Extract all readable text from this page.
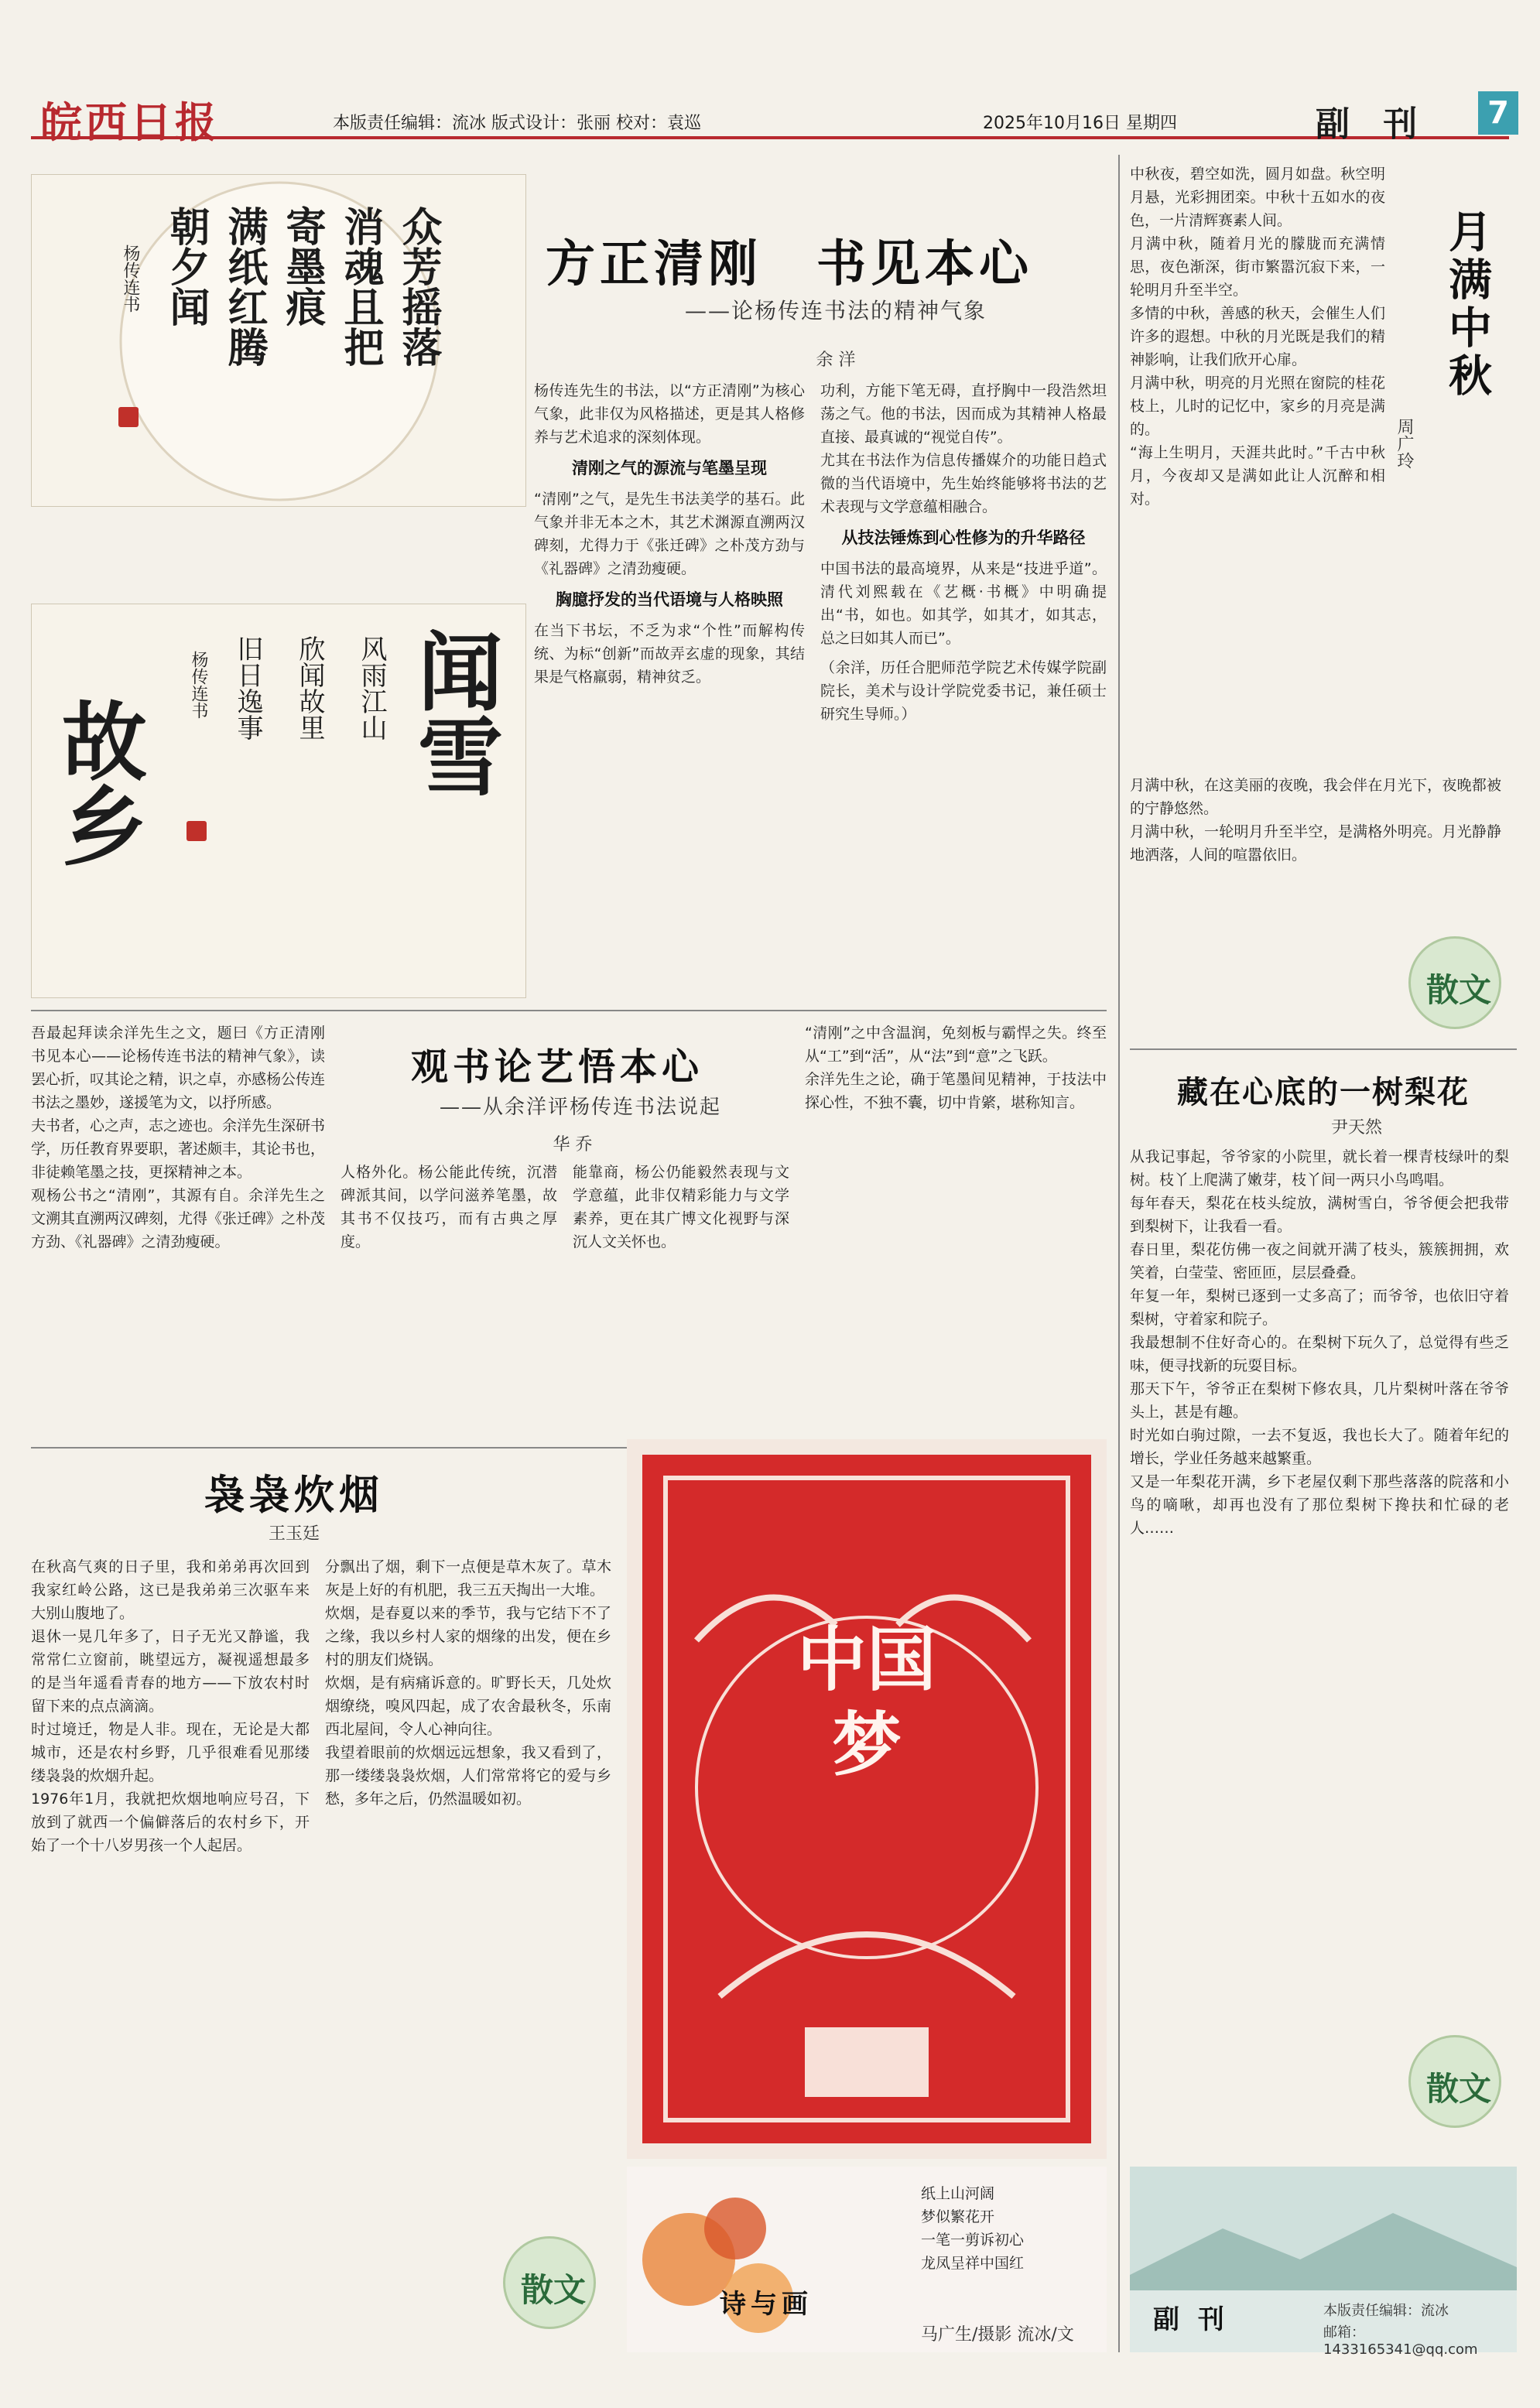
皖西日报	本版责任编辑：流冰 版式设计：张丽 校对：袁巡	2025年10月16日 星期四	副 刊	7
众芳摇落
消魂且把
寄墨痕
满纸红腾
朝夕闻
杨传连书
闻雪
故乡
风雨江山
欣闻故里
旧日逸事
杨传连书
方正清刚　书见本心
——论杨传连书法的精神气象
余 洋

杨传连先生的书法，以“方正清刚”为核心气象，此非仅为风格描述，更是其人格修养与艺术追求的深刻体现。

清刚之气的源流与笔墨呈现

“清刚”之气，是先生书法美学的基石。此气象并非无本之木，其艺术渊源直溯两汉碑刻，尤得力于《张迁碑》之朴茂方劲与《礼器碑》之清劲瘦硬。

胸臆抒发的当代语境与人格映照

在当下书坛，不乏为求“个性”而解构传统、为标“创新”而故弄玄虚的现象，其结果是气格羸弱，精神贫乏。

功利，方能下笔无碍，直抒胸中一段浩然坦荡之气。他的书法，因而成为其精神人格最直接、最真诚的“视觉自传”。

尤其在书法作为信息传播媒介的功能日趋式微的当代语境中，先生始终能够将书法的艺术表现与文学意蕴相融合。

从技法锤炼到心性修为的升华路径

中国书法的最高境界，从来是“技进乎道”。清代刘熙载在《艺概·书概》中明确提出“书，如也。如其学，如其才，如其志，总之曰如其人而已”。

（余洋，历任合肥师范学院艺术传媒学院副院长，美术与设计学院党委书记，兼任硕士研究生导师。）

观书论艺悟本心
——从余洋评杨传连书法说起
华 乔

吾最起拜读余洋先生之文，题曰《方正清刚　书见本心——论杨传连书法的精神气象》，读罢心折，叹其论之精，识之卓，亦感杨公传连书法之墨妙，遂援笔为文，以抒所感。

夫书者，心之声，志之迹也。余洋先生深研书学，历任教育界要职，著述颇丰，其论书也，非徒赖笔墨之技，更探精神之本。

观杨公书之“清刚”，其源有自。余洋先生之文溯其直溯两汉碑刻，尤得《张迁碑》之朴茂方劲、《礼器碑》之清劲瘦硬。

人格外化。杨公能此传统，沉潜碑派其间，以学问滋养笔墨，故其书不仅技巧，而有古典之厚度。

能靠商，杨公仍能毅然表现与文学意蕴，此非仅精彩能力与文学素养，更在其广博文化视野与深沉人文关怀也。

“清刚”之中含温润，免刻板与霸悍之失。终至从“工”到“活”，从“法”到“意”之飞跃。

余洋先生之论，确于笔墨间见精神，于技法中探心性，不独不囊，切中肯綮，堪称知言。

袅袅炊烟
王玉廷

在秋高气爽的日子里，我和弟弟再次回到我家红岭公路，这已是我弟弟三次驱车来大别山腹地了。

退休一晃几年多了，日子无光又静谧，我常常仁立窗前，眺望远方，凝视遥想最多的是当年遥看青春的地方——下放农村时留下来的点点滴滴。

时过境迁，物是人非。现在，无论是大都城市，还是农村乡野，几乎很难看见那缕缕袅袅的炊烟升起。

1976年1月，我就把炊烟地响应号召，下放到了就西一个偏僻落后的农村乡下，开始了一个十八岁男孩一个人起居。

分飘出了烟，剩下一点便是草木灰了。草木灰是上好的有机肥，我三五天掏出一大堆。

炊烟，是春夏以来的季节，我与它结下不了之缘，我以乡村人家的烟缘的出发，便在乡村的朋友们烧锅。

炊烟，是有病痛诉意的。旷野长天，几处炊烟缭绕，嗅风四起，成了农舍最秋冬，乐南西北屋间，令人心神向往。

我望着眼前的炊烟远远想象，我又看到了，那一缕缕袅袅炊烟，人们常常将它的爱与乡愁，多年之后，仍然温暖如初。

散文
中国梦
诗与画
纸上山河阔
梦似繁花开
一笔一剪诉初心
龙凤呈祥中国红
马广生/摄影 流冰/文
月满中秋
周广玲

中秋夜，碧空如洗，圆月如盘。秋空明月悬，光彩拥团栾。中秋十五如水的夜色，一片清辉赛素人间。

月满中秋，随着月光的朦胧而充满情思，夜色渐深，街市繁嚣沉寂下来，一轮明月升至半空。

多情的中秋，善感的秋天，会催生人们许多的遐想。中秋的月光既是我们的精神影响，让我们欣开心扉。

月满中秋，明亮的月光照在窗院的桂花枝上，儿时的记忆中，家乡的月亮是满的。

“海上生明月，天涯共此时。”千古中秋月，今夜却又是满如此让人沉醉和相对。

月满中秋，在这美丽的夜晚，我会伴在月光下，夜晚都被的宁静悠然。

月满中秋，一轮明月升至半空，是满格外明亮。月光静静地洒落，人间的喧嚣依旧。

散文
藏在心底的一树梨花
尹天然

从我记事起，爷爷家的小院里，就长着一棵青枝绿叶的梨树。枝丫上爬满了嫩芽，枝丫间一两只小鸟鸣唱。

每年春天，梨花在枝头绽放，满树雪白，爷爷便会把我带到梨树下，让我看一看。

春日里，梨花仿佛一夜之间就开满了枝头，簇簇拥拥，欢笑着，白莹莹、密匝匝，层层叠叠。

年复一年，梨树已逐到一丈多高了；而爷爷，也依旧守着梨树，守着家和院子。

我最想制不住好奇心的。在梨树下玩久了，总觉得有些乏味，便寻找新的玩耍目标。

那天下午，爷爷正在梨树下修农具，几片梨树叶落在爷爷头上，甚是有趣。

时光如白驹过隙，一去不复返，我也长大了。随着年纪的增长，学业任务越来越繁重。

又是一年梨花开满，乡下老屋仅剩下那些落落的院落和小鸟的嘀啾，却再也没有了那位梨树下搀扶和忙碌的老人……

散文
副 刊	本版责任编辑：流冰
邮箱：1433165341@qq.com
